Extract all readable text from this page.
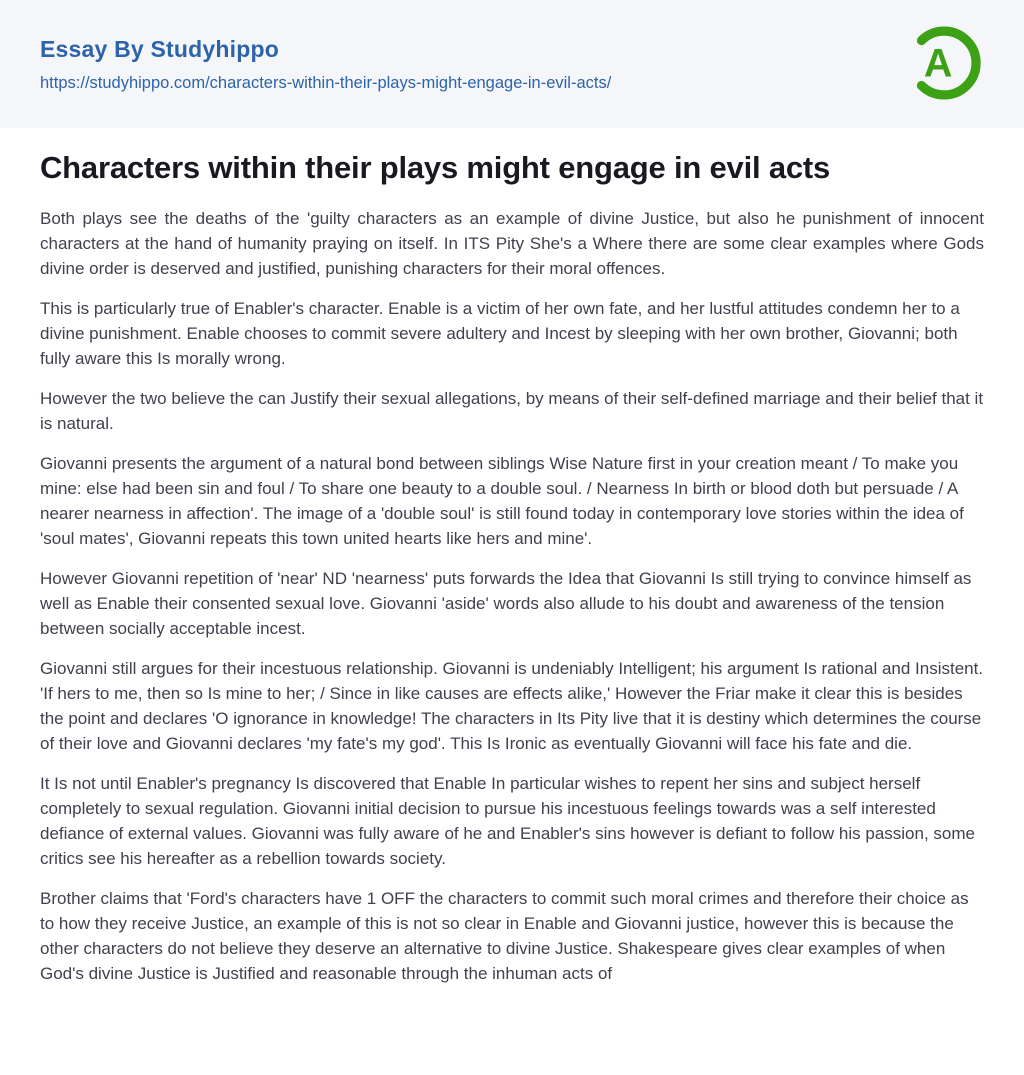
Essay By Studyhippo
https://studyhippo.com/characters-within-their-plays-might-engage-in-evil-acts/	A
Characters within their plays might engage in evil acts

Both plays see the deaths of the 'guilty characters as an example of divine Justice, but also he punishment of innocent characters at the hand of humanity praying on itself. In ITS Pity She's a Where there are some clear examples where Gods divine order is deserved and justified, punishing characters for their moral offences.

This is particularly true of Enabler's character. Enable is a victim of her own fate, and her lustful attitudes condemn her to a divine punishment. Enable chooses to commit severe adultery and Incest by sleeping with her own brother, Giovanni; both fully aware this Is morally wrong.

However the two believe the can Justify their sexual allegations, by means of their self-defined marriage and their belief that it is natural.

Giovanni presents the argument of a natural bond between siblings Wise Nature first in your creation meant / To make you mine: else had been sin and foul / To share one beauty to a double soul. / Nearness In birth or blood doth but persuade / A nearer nearness in affection'. The image of a 'double soul' is still found today in contemporary love stories within the idea of 'soul mates', Giovanni repeats this town united hearts like hers and mine'.

However Giovanni repetition of 'near' ND 'nearness' puts forwards the Idea that Giovanni Is still trying to convince himself as well as Enable their consented sexual love. Giovanni 'aside' words also allude to his doubt and awareness of the tension between socially acceptable incest.

Giovanni still argues for their incestuous relationship. Giovanni is undeniably Intelligent; his argument Is rational and Insistent. 'If hers to me, then so Is mine to her; / Since in like causes are effects alike,' However the Friar make it clear this is besides the point and declares 'O ignorance in knowledge! The characters in Its Pity live that it is destiny which determines the course of their love and Giovanni declares 'my fate's my god'. This Is Ironic as eventually Giovanni will face his fate and die.

It Is not until Enabler's pregnancy Is discovered that Enable In particular wishes to repent her sins and subject herself completely to sexual regulation. Giovanni initial decision to pursue his incestuous feelings towards was a self interested defiance of external values. Giovanni was fully aware of he and Enabler's sins however is defiant to follow his passion, some critics see his hereafter as a rebellion towards society.

Brother claims that 'Ford's characters have 1 OFF the characters to commit such moral crimes and therefore their choice as to how they receive Justice, an example of this is not so clear in Enable and Giovanni justice, however this is because the other characters do not believe they deserve an alternative to divine Justice. Shakespeare gives clear examples of when God's divine Justice is Justified and reasonable through the inhuman acts of
